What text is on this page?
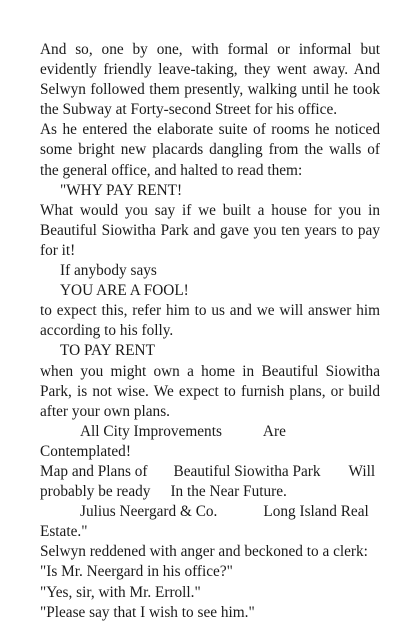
And so, one by one, with formal or informal but evidently friendly leave-taking, they went away. And Selwyn followed them presently, walking until he took the Subway at Forty-second Street for his office.

As he entered the elaborate suite of rooms he noticed some bright new placards dangling from the walls of the general office, and halted to read them:

"WHY PAY RENT!

What would you say if we built a house for you in Beautiful Siowitha Park and gave you ten years to pay for it!

If anybody says

YOU ARE A FOOL!

to expect this, refer him to us and we will answer him according to his folly.

TO PAY RENT

when you might own a home in Beautiful Siowitha Park, is not wise. We expect to furnish plans, or build after your own plans.

All City Improvements	Are Contemplated!

Map and Plans of Beautiful Siowitha Park Will

probably be ready In the Near Future.

Julius Neergard & Co.	Long Island Real

Estate."

Selwyn reddened with anger and beckoned to a clerk:

"Is Mr. Neergard in his office?"

"Yes, sir, with Mr. Erroll."

"Please say that I wish to see him."
